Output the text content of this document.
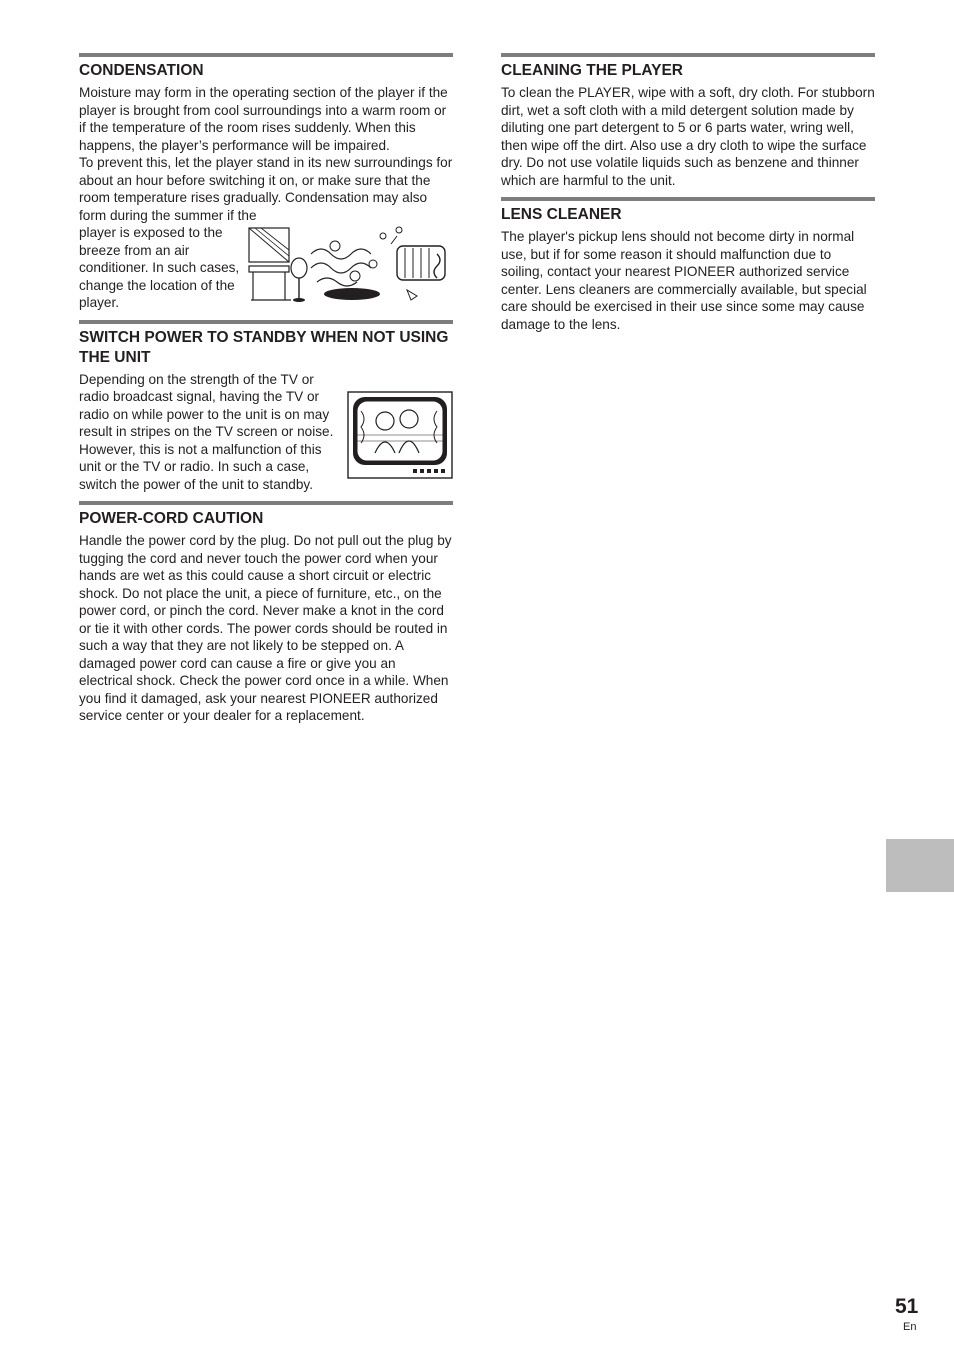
CONDENSATION

Moisture may form in the operating section of the player if the player is brought from cool surroundings into a warm room or if the temperature of the room rises suddenly. When this happens, the player’s performance will be impaired.

To prevent this, let the player stand in its new surroundings for about an hour before switching it on, or make sure that the room temperature rises gradually. Condensation may also form during the summer if the

player is exposed to the breeze from an air conditioner. In such cases, change the location of the player.

SWITCH POWER TO STANDBY WHEN NOT USING THE UNIT

Depending on the strength of the TV or radio broadcast signal, having the TV or radio on while power to the unit is on may result in stripes on the TV screen or noise. However, this is not a malfunction of this unit or the TV or radio. In such a case, switch the power of the unit to standby.

POWER-CORD CAUTION

Handle the power cord by the plug. Do not pull out the plug by tugging the cord and never touch the power cord when your hands are wet as this could cause a short circuit or electric shock. Do not place the unit, a piece of furniture, etc., on the power cord, or pinch the cord. Never make a knot in the cord or tie it with other cords. The power cords should be routed in such a way that they are not likely to be stepped on. A damaged power cord can cause a fire or give you an electrical shock. Check the power cord once in a while. When you find it damaged, ask your nearest PIONEER authorized service center or your dealer for a replacement.

CLEANING THE PLAYER

To clean the PLAYER, wipe with a soft, dry cloth. For stubborn dirt, wet a soft cloth with a mild detergent solution made by diluting one part detergent to 5 or 6 parts water, wring well, then wipe off the dirt. Also use a dry cloth to wipe the surface dry. Do not use volatile liquids such as benzene and thinner which are harmful to the unit.

LENS CLEANER

The player's pickup lens should not become dirty in normal use, but if for some reason it should malfunction due to soiling, contact your nearest PIONEER authorized service center. Lens cleaners are commercially available, but special care should be exercised in their use since some may cause damage to the lens.

51
En
